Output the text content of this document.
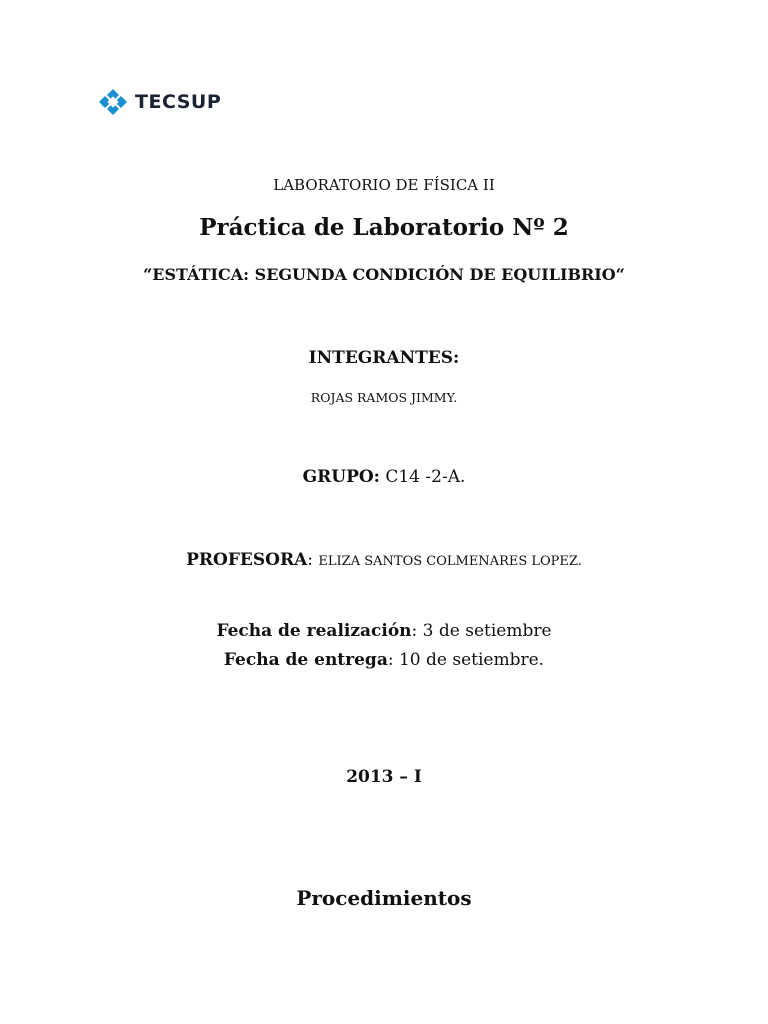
TECSUP
LABORATORIO DE FÍSICA II
Práctica de Laboratorio Nº 2
“ESTÁTICA: SEGUNDA CONDICIÓN DE EQUILIBRIO“
INTEGRANTES:
ROJAS RAMOS JIMMY.
GRUPO: C14 -2-A.
PROFESORA: ELIZA SANTOS COLMENARES LOPEZ.
Fecha de realización: 3 de setiembre
Fecha de entrega: 10 de setiembre.
2013 – I
Procedimientos
